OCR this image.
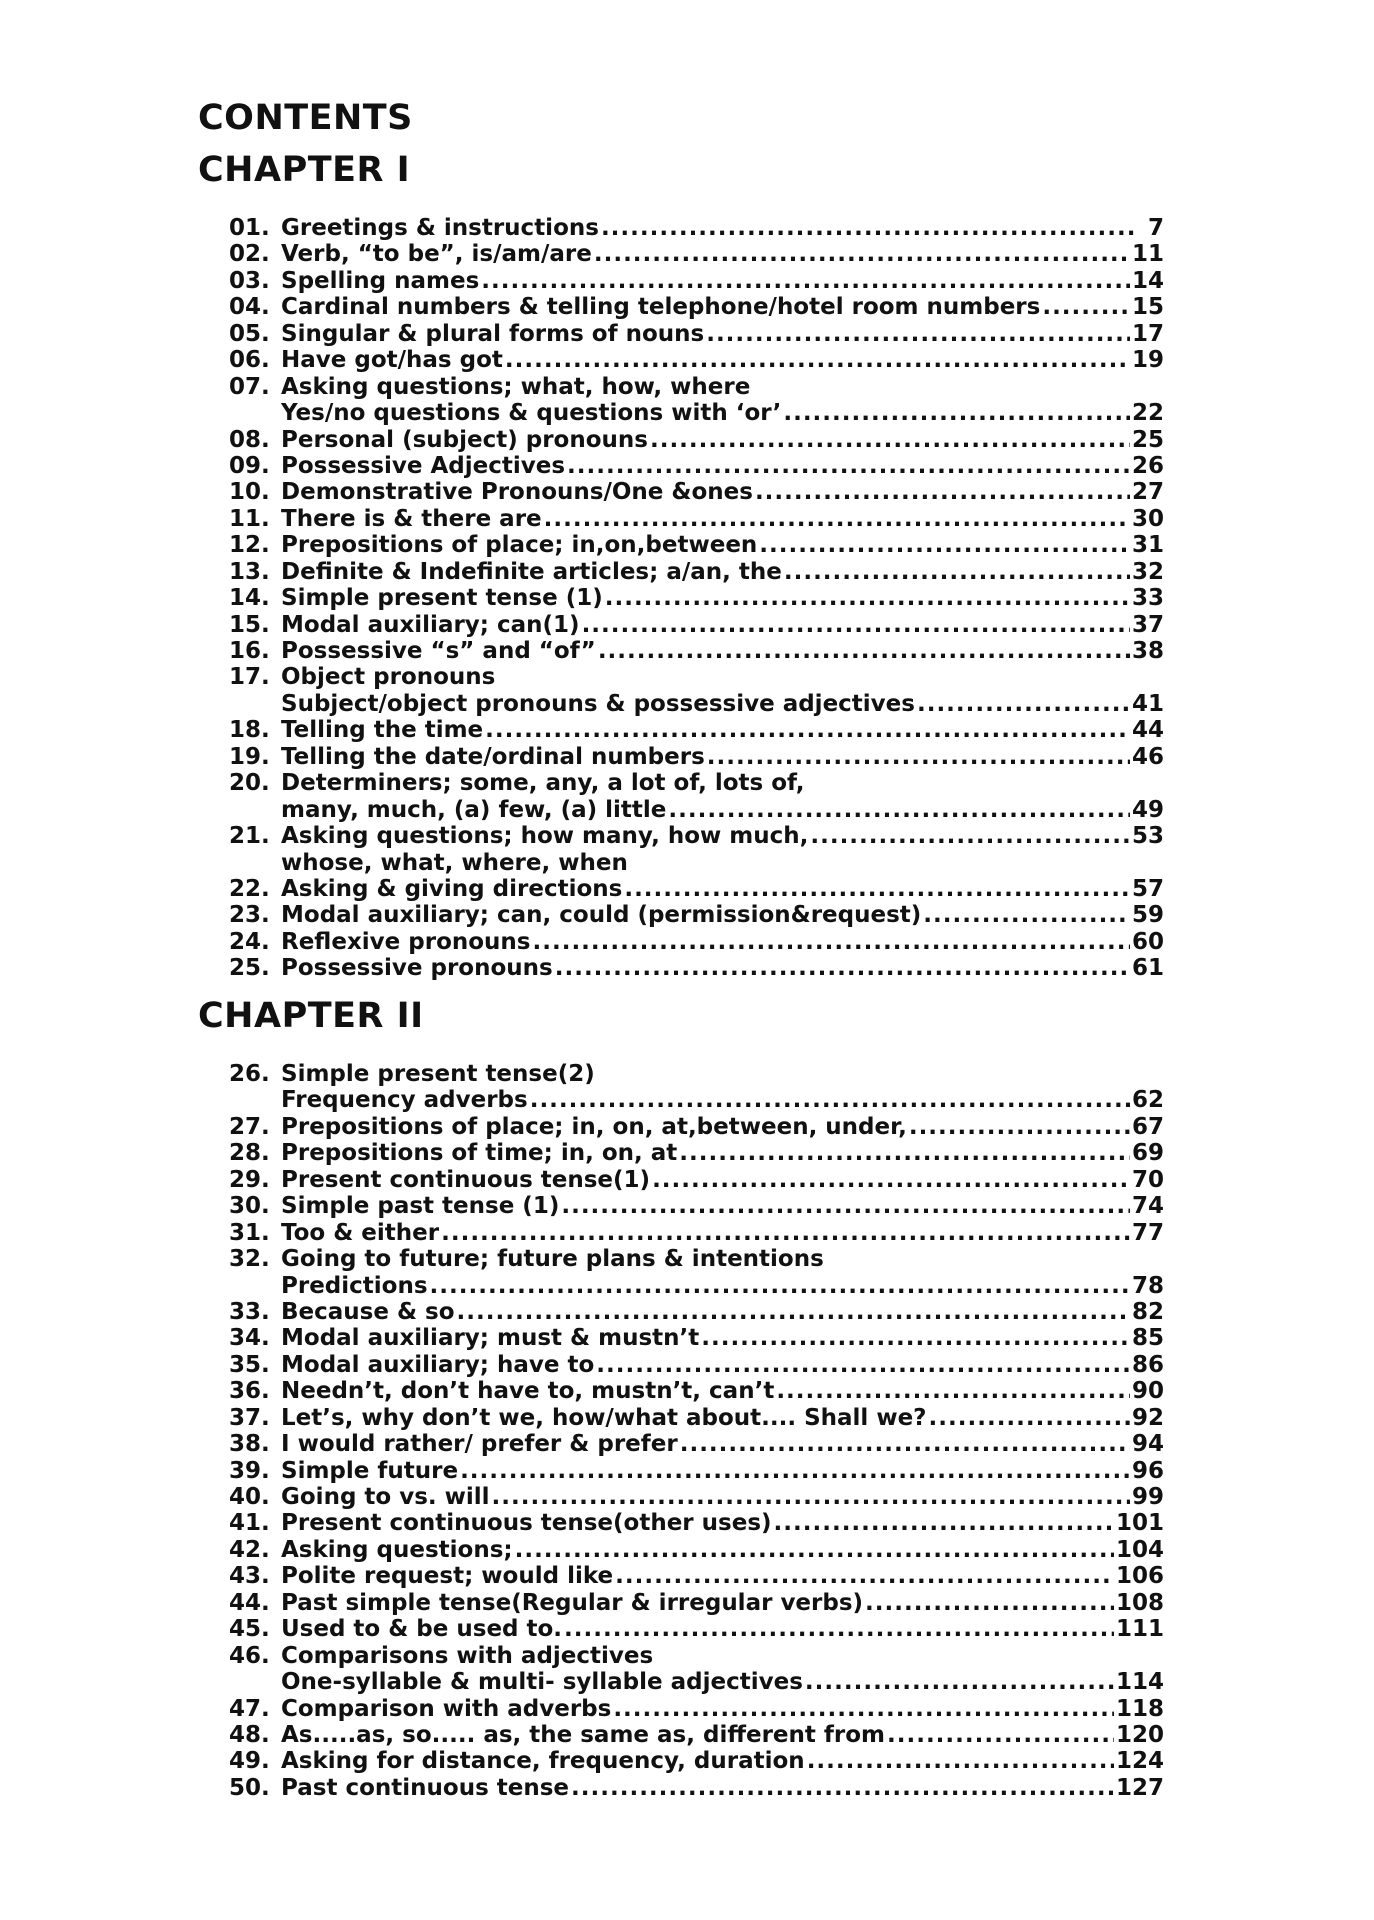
CONTENTS
CHAPTER I
01. Greetings & instructions .....	7
02. Verb, “to be”, is/am/are .....	11
03. Spelling names .....	14
04. Cardinal numbers & telling telephone/hotel room numbers .....	15
05. Singular & plural forms of nouns .....	17
06. Have got/has got .....	19
07. Asking questions; what, how, where
Yes/no questions & questions with ‘or’ .....	22
08. Personal (subject) pronouns .....	25
09. Possessive Adjectives .....	26
10. Demonstrative Pronouns/One &ones .....	27
11. There is & there are .....	30
12. Prepositions of place; in,on,between .....	31
13. Definite & Indefinite articles; a/an, the .....	32
14. Simple present tense (1) .....	33
15. Modal auxiliary; can(1) .....	37
16. Possessive “s” and “of” .....	38
17. Object pronouns
Subject/object pronouns & possessive adjectives .....	41
18. Telling the time .....	44
19. Telling the date/ordinal numbers .....	46
20. Determiners; some, any, a lot of, lots of,
many, much, (a) few, (a) little .....	49
21. Asking questions; how many, how much, .....	53
whose, what, where, when
22. Asking & giving directions .....	57
23. Modal auxiliary; can, could (permission&request) .....	59
24. Reflexive pronouns .....	60
25. Possessive pronouns .....	61
CHAPTER II
26. Simple present tense(2)
Frequency adverbs .....	62
27. Prepositions of place; in, on, at,between, under, .....	67
28. Prepositions of time; in, on, at .....	69
29. Present continuous tense(1) .....	70
30. Simple past tense (1) .....	74
31. Too & either .....	77
32. Going to future; future plans & intentions
Predictions .....	78
33. Because & so .....	82
34. Modal auxiliary; must & mustn’t .....	85
35. Modal auxiliary; have to .....	86
36. Needn’t, don’t have to, mustn’t, can’t .....	90
37. Let’s, why don’t we, how/what about.... Shall we? .....	92
38. I would rather/ prefer & prefer .....	94
39. Simple future .....	96
40. Going to vs. will .....	99
41. Present continuous tense(other uses) .....	101
42. Asking questions; .....	104
43. Polite request; would like .....	106
44. Past simple tense(Regular & irregular verbs) .....	108
45. Used to & be used to. .....	111
46. Comparisons with adjectives
One-syllable & multi- syllable adjectives .....	114
47. Comparison with adverbs .....	118
48. As.....as, so..... as, the same as, different from .....	120
49. Asking for distance, frequency, duration .....	124
50. Past continuous tense .....	127
